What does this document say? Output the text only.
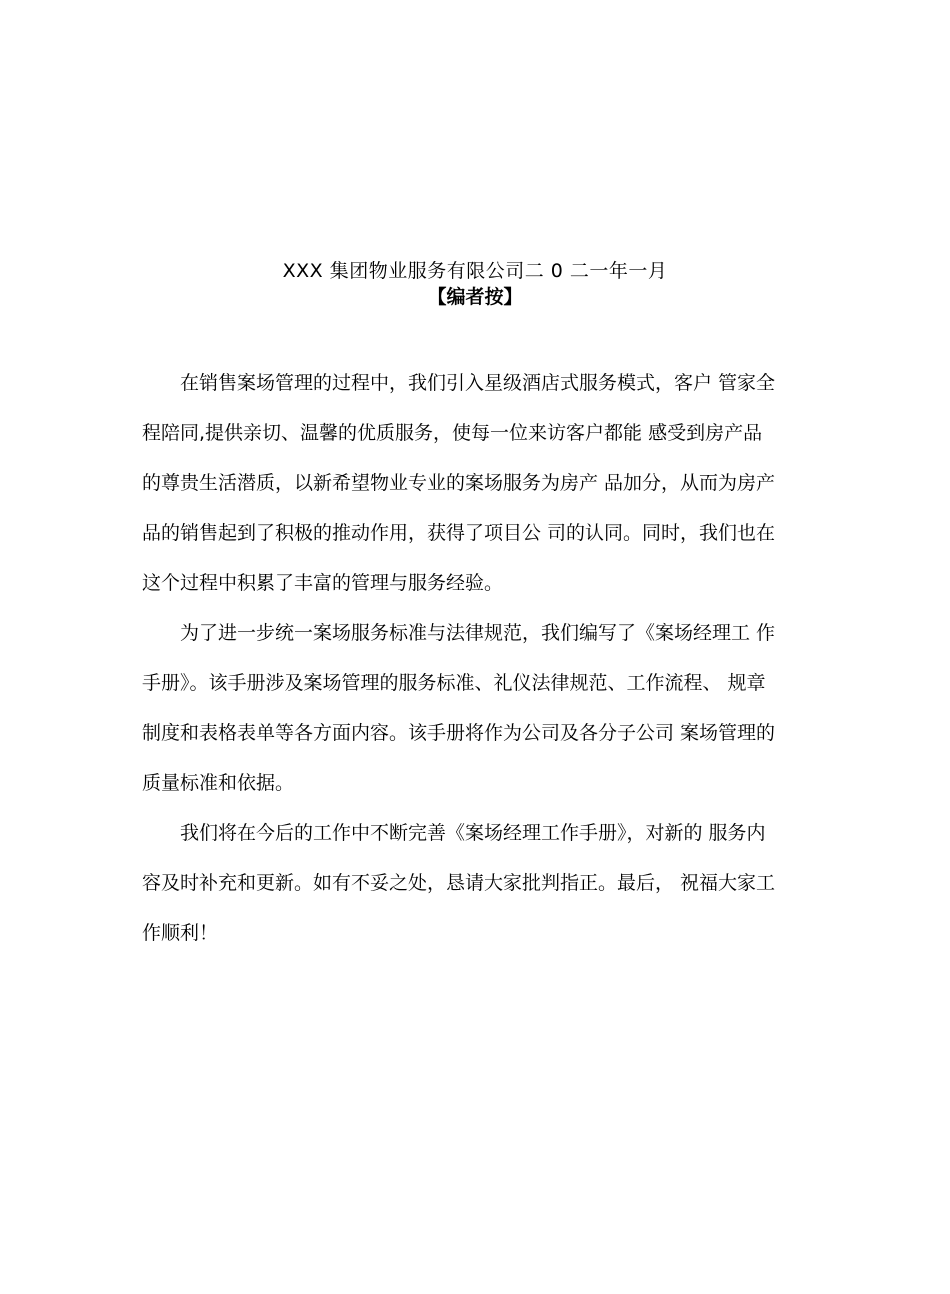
XXX 集团物业服务有限公司二 0 二一年一月
【编者按】
在销售案场管理的过程中，我们引入星级酒店式服务模式，客户 管家全
程陪同,提供亲切、温馨的优质服务，使每一位来访客户都能 感受到房产品
的尊贵生活潜质，以新希望物业专业的案场服务为房产 品加分，从而为房产
品的销售起到了积极的推动作用，获得了项目公 司的认同。同时，我们也在
这个过程中积累了丰富的管理与服务经验。
为了进一步统一案场服务标准与法律规范，我们编写了《案场经理工 作
手册》。该手册涉及案场管理的服务标准、礼仪法律规范、工作流程、 规章
制度和表格表单等各方面内容。该手册将作为公司及各分子公司 案场管理的
质量标准和依据。
我们将在今后的工作中不断完善《案场经理工作手册》，对新的 服务内
容及时补充和更新。如有不妥之处，恳请大家批判指正。最后， 祝福大家工
作顺利！
